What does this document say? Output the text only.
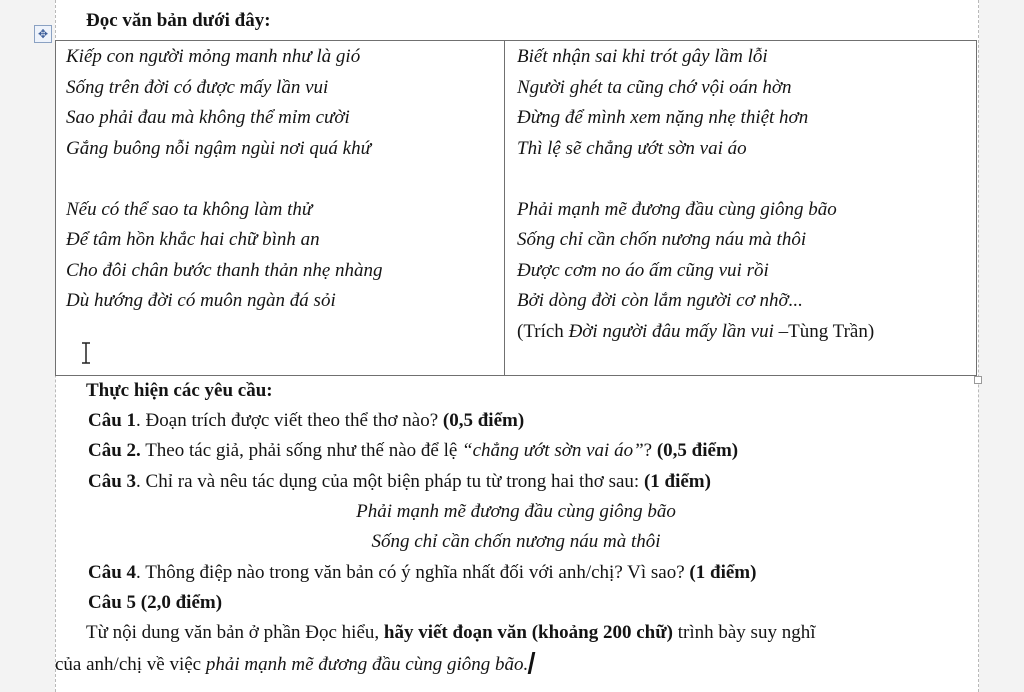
✥
Đọc văn bản dưới đây:
Kiếp con người mỏng manh như là gió
Sống trên đời có được mấy lần vui
Sao phải đau mà không thể mỉm cười
Gắng buông nỗi ngậm ngùi nơi quá khứ
Nếu có thể sao ta không làm thử
Để tâm hồn khắc hai chữ bình an
Cho đôi chân bước thanh thản nhẹ nhàng
Dù hướng đời có muôn ngàn đá sỏi

Biết nhận sai khi trót gây lầm lỗi
Người ghét ta cũng chớ vội oán hờn
Đừng để mình xem nặng nhẹ thiệt hơn
Thì lệ sẽ chẳng ướt sờn vai áo
Phải mạnh mẽ đương đầu cùng giông bão
Sống chỉ cần chốn nương náu mà thôi
Được cơm no áo ấm cũng vui rồi
Bởi dòng đời còn lắm người cơ nhỡ...
(Trích Đời người đâu mấy lần vui –Tùng Trần)
Thực hiện các yêu cầu:
Câu 1. Đoạn trích được viết theo thể thơ nào? (0,5 điểm)
Câu 2. Theo tác giả, phải sống như thế nào để lệ “chẳng ướt sờn vai áo”? (0,5 điểm)
Câu 3. Chỉ ra và nêu tác dụng của một biện pháp tu từ trong hai thơ sau: (1 điểm)
Phải mạnh mẽ đương đầu cùng giông bão
Sống chỉ cần chốn nương náu mà thôi
Câu 4. Thông điệp nào trong văn bản có ý nghĩa nhất đối với anh/chị? Vì sao? (1 điểm)
Câu 5 (2,0 điểm)
Từ nội dung văn bản ở phần Đọc hiểu, hãy viết đoạn văn (khoảng 200 chữ) trình bày suy nghĩ
của anh/chị về việc phải mạnh mẽ đương đầu cùng giông bão.
